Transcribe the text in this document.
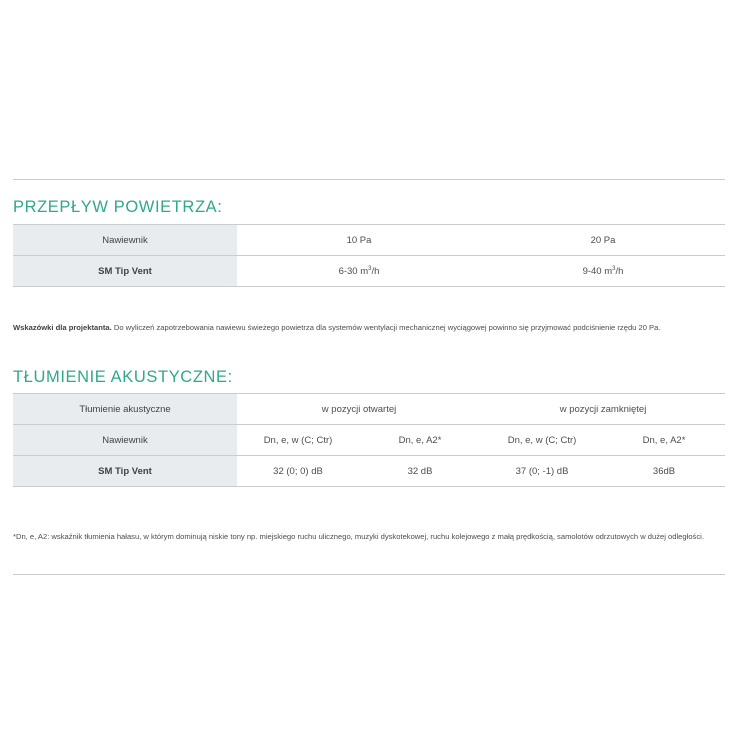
PRZEPŁYW POWIETRZA:
Nawiewnik	10 Pa	20 Pa
SM Tip Vent	6-30 $m^3/h$	9-40 $m^3/h$

Wskazówki dla projektanta. Do wyliczeń zapotrzebowania nawiewu świeżego powietrza dla systemów wentylacji mechanicznej wyciągowej powinno się przyjmować podciśnienie rzędu 20 Pa.

TŁUMIENIE AKUSTYCZNE:
Tłumienie akustyczne	w pozycji otwartej		w pozycji zamkniętej	
Nawiewnik	Dn, e, w (C; Ctr)	Dn, e, A2*	Dn, e, w (C; Ctr)	Dn, e, A2*
SM Tip Vent	32 (0; 0) dB	32 dB	37 (0; -1) dB	36dB

*Dn, e, A2: wskaźnik tłumienia hałasu, w którym dominują niskie tony np. miejskiego ruchu ulicznego, muzyki dyskotekowej, ruchu kolejowego z małą prędkością, samolotów odrzutowych w dużej odległości.
